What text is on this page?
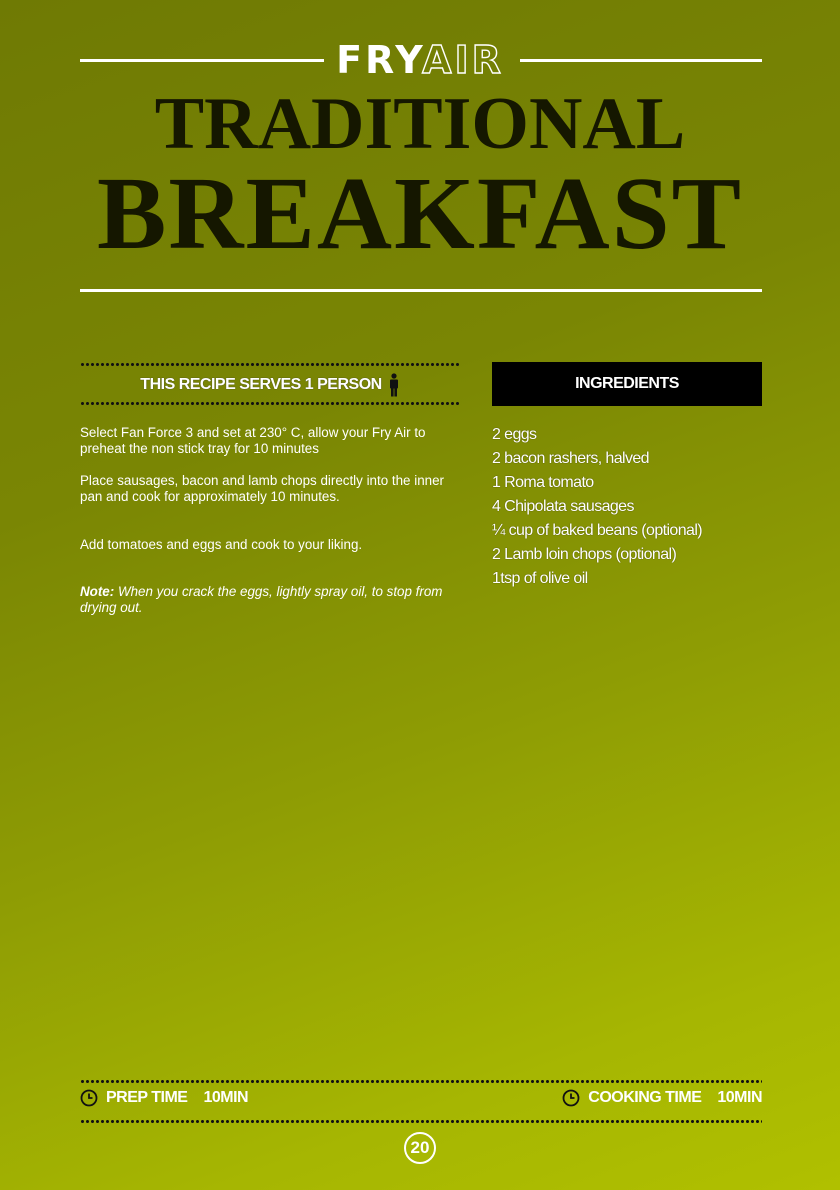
FRYAIR
TRADITIONAL
BREAKFAST
THIS RECIPE SERVES 1 PERSON
Select Fan Force 3 and set at 230° C, allow your Fry Air to preheat the non stick tray for 10 minutes
Place sausages, bacon and lamb chops directly into the inner pan and cook for approximately 10 minutes.
Add tomatoes and eggs and cook to your liking.
Note: When you crack the eggs, lightly spray oil, to stop from drying out.
INGREDIENTS
2 eggs
2 bacon rashers, halved
1 Roma tomato
4 Chipolata sausages
¼ cup of baked beans (optional)
2 Lamb loin chops (optional)
1tsp of olive oil
PREP TIME 10MIN	COOKING TIME 10MIN
20
